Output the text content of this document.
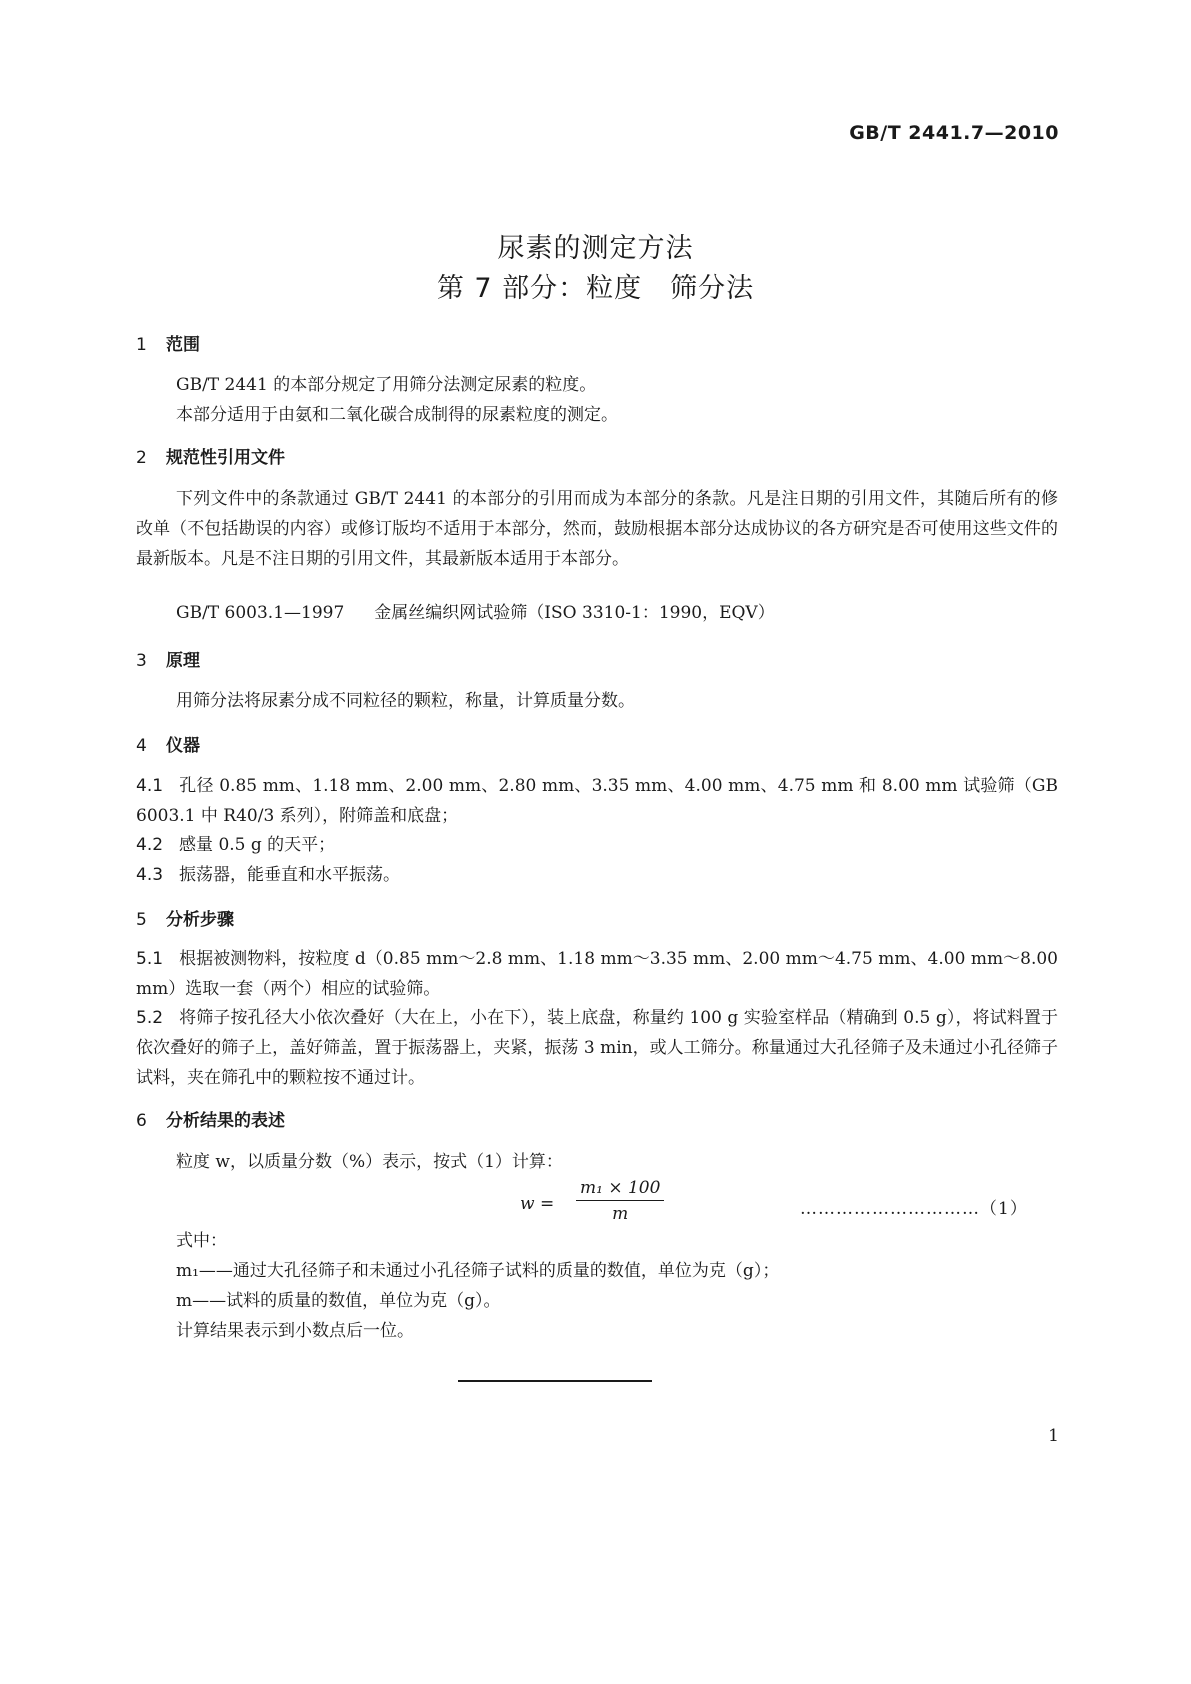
GB/T 2441.7—2010
尿素的测定方法
第 7 部分：粒度　筛分法
1 范围
GB/T 2441 的本部分规定了用筛分法测定尿素的粒度。
本部分适用于由氨和二氧化碳合成制得的尿素粒度的测定。
2 规范性引用文件
下列文件中的条款通过 GB/T 2441 的本部分的引用而成为本部分的条款。凡是注日期的引用文件，其随后所有的修改单（不包括勘误的内容）或修订版均不适用于本部分，然而，鼓励根据本部分达成协议的各方研究是否可使用这些文件的最新版本。凡是不注日期的引用文件，其最新版本适用于本部分。
GB/T 6003.1—1997 金属丝编织网试验筛（ISO 3310-1：1990，EQV）
3 原理
用筛分法将尿素分成不同粒径的颗粒，称量，计算质量分数。
4 仪器
4.1 孔径 0.85 mm、1.18 mm、2.00 mm、2.80 mm、3.35 mm、4.00 mm、4.75 mm 和 8.00 mm 试验筛（GB 6003.1 中 R40/3 系列），附筛盖和底盘；
4.2 感量 0.5 g 的天平；
4.3 振荡器，能垂直和水平振荡。
5 分析步骤
5.1 根据被测物料，按粒度 d（0.85 mm～2.8 mm、1.18 mm～3.35 mm、2.00 mm～4.75 mm、4.00 mm～8.00 mm）选取一套（两个）相应的试验筛。
5.2 将筛子按孔径大小依次叠好（大在上，小在下），装上底盘，称量约 100 g 实验室样品（精确到 0.5 g），将试料置于依次叠好的筛子上，盖好筛盖，置于振荡器上，夹紧，振荡 3 min，或人工筛分。称量通过大孔径筛子及未通过小孔径筛子试料，夹在筛孔中的颗粒按不通过计。
6 分析结果的表述
粒度 w，以质量分数（%）表示，按式（1）计算：
$w = \frac{\text{m₁ × 100}}{m}$	…………………………（1）
式中：
m₁——通过大孔径筛子和未通过小孔径筛子试料的质量的数值，单位为克（g）；
m——试料的质量的数值，单位为克（g）。
计算结果表示到小数点后一位。
1
